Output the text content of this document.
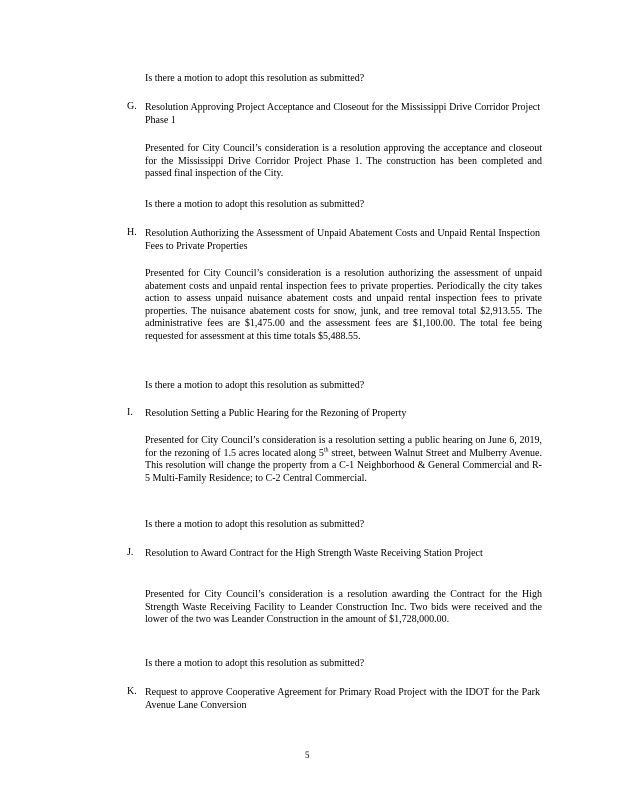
Is there a motion to adopt this resolution as submitted?
G. Resolution Approving Project Acceptance and Closeout for the Mississippi Drive Corridor Project Phase 1
Presented for City Council’s consideration is a resolution approving the acceptance and closeout for the Mississippi Drive Corridor Project Phase 1. The construction has been completed and passed final inspection of the City.
Is there a motion to adopt this resolution as submitted?
H. Resolution Authorizing the Assessment of Unpaid Abatement Costs and Unpaid Rental Inspection Fees to Private Properties
Presented for City Council’s consideration is a resolution authorizing the assessment of unpaid abatement costs and unpaid rental inspection fees to private properties. Periodically the city takes action to assess unpaid nuisance abatement costs and unpaid rental inspection fees to private properties. The nuisance abatement costs for snow, junk, and tree removal total $2,913.55. The administrative fees are $1,475.00 and the assessment fees are $1,100.00. The total fee being requested for assessment at this time totals $5,488.55.
Is there a motion to adopt this resolution as submitted?
I. Resolution Setting a Public Hearing for the Rezoning of Property
Presented for City Council’s consideration is a resolution setting a public hearing on June 6, 2019, for the rezoning of 1.5 acres located along 5th street, between Walnut Street and Mulberry Avenue. This resolution will change the property from a C-1 Neighborhood & General Commercial and R-5 Multi-Family Residence; to C-2 Central Commercial.
Is there a motion to adopt this resolution as submitted?
J. Resolution to Award Contract for the High Strength Waste Receiving Station Project
Presented for City Council’s consideration is a resolution awarding the Contract for the High Strength Waste Receiving Facility to Leander Construction Inc. Two bids were received and the lower of the two was Leander Construction in the amount of $1,728,000.00.
Is there a motion to adopt this resolution as submitted?
K. Request to approve Cooperative Agreement for Primary Road Project with the IDOT for the Park Avenue Lane Conversion
5
